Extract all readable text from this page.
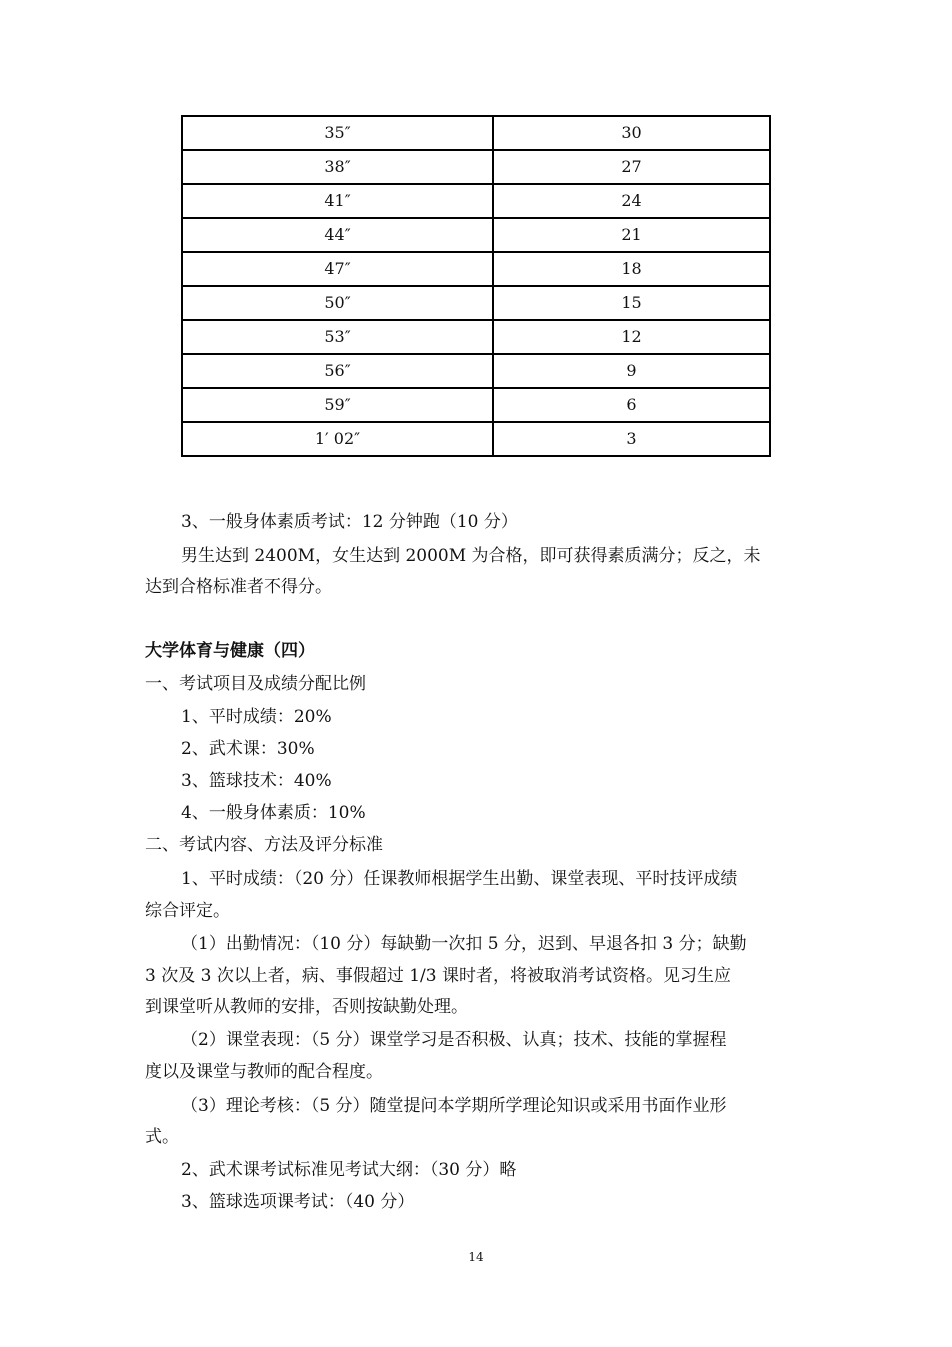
35″	30
38″	27
41″	24
44″	21
47″	18
50″	15
53″	12
56″	9
59″	6
1′ 02″	3
3、一般身体素质考试：12 分钟跑（10 分）
男生达到 2400M，女生达到 2000M 为合格，即可获得素质满分；反之，未
达到合格标准者不得分。
大学体育与健康（四）
一、考试项目及成绩分配比例
1、平时成绩：20%
2、武术课：30%
3、篮球技术：40%
4、一般身体素质：10%
二、考试内容、方法及评分标准
1、平时成绩：（20 分）任课教师根据学生出勤、课堂表现、平时技评成绩
综合评定。
（1）出勤情况：（10 分）每缺勤一次扣 5 分，迟到、早退各扣 3 分；缺勤
3 次及 3 次以上者，病、事假超过 1/3 课时者，将被取消考试资格。见习生应
到课堂听从教师的安排，否则按缺勤处理。
（2）课堂表现：（5 分）课堂学习是否积极、认真；技术、技能的掌握程
度以及课堂与教师的配合程度。
（3）理论考核：（5 分）随堂提问本学期所学理论知识或采用书面作业形
式。
2、武术课考试标准见考试大纲：（30 分）略
3、篮球选项课考试：（40 分）
14
